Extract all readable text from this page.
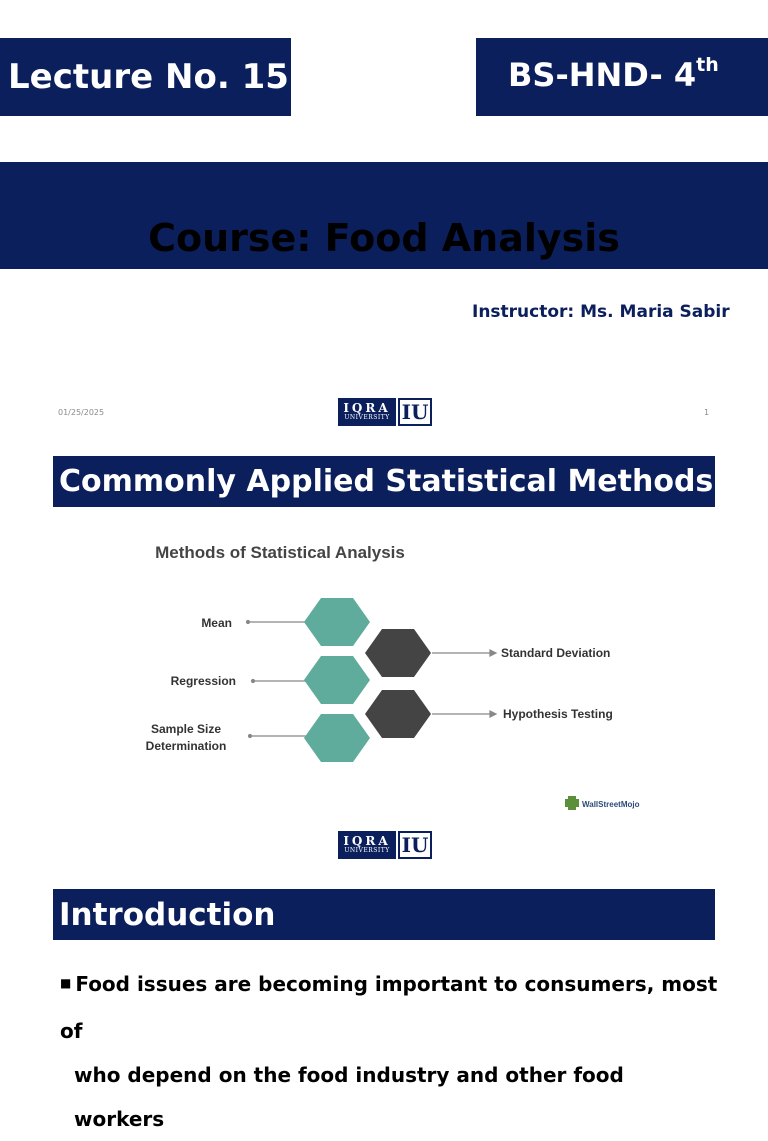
Lecture No. 15	BS-HND- 4th
Course: Food Analysis
Instructor: Ms. Maria Sabir
01/25/2025	1
IQRA
UNIVERSITY IU
Commonly Applied Statistical Methods
Methods of Statistical Analysis
Mean
Regression
Sample Size
Determination
Standard Deviation
Hypothesis Testing
WallStreetMojo
IQRA
UNIVERSITY IU
Introduction
■ Food issues are becoming important to consumers, most of
who depend on the food industry and other food workers
